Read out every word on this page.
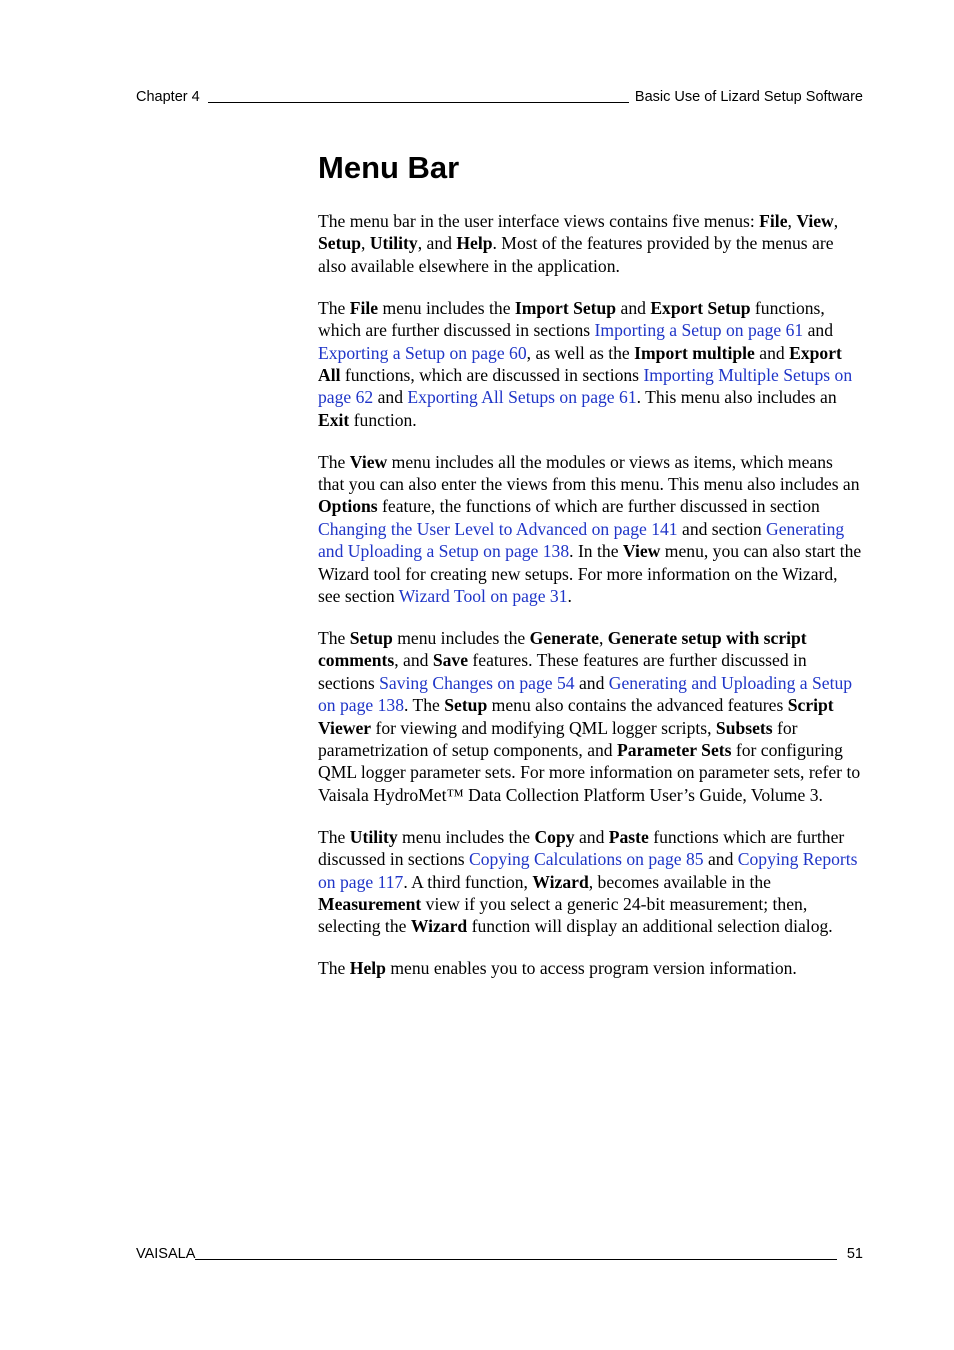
Chapter 4	Basic Use of Lizard Setup Software
Menu Bar

The menu bar in the user interface views contains five menus: File, View, Setup, Utility, and Help. Most of the features provided by the menus are also available elsewhere in the application.

The File menu includes the Import Setup and Export Setup functions, which are further discussed in sections Importing a Setup on page 61 and Exporting a Setup on page 60, as well as the Import multiple and Export All functions, which are discussed in sections Importing Multiple Setups on page 62 and Exporting All Setups on page 61. This menu also includes an Exit function.

The View menu includes all the modules or views as items, which means that you can also enter the views from this menu. This menu also includes an Options feature, the functions of which are further discussed in section Changing the User Level to Advanced on page 141 and section Generating and Uploading a Setup on page 138. In the View menu, you can also start the Wizard tool for creating new setups. For more information on the Wizard, see section Wizard Tool on page 31.

The Setup menu includes the Generate, Generate setup with script comments, and Save features. These features are further discussed in sections Saving Changes on page 54 and Generating and Uploading a Setup on page 138. The Setup menu also contains the advanced features Script Viewer for viewing and modifying QML logger scripts, Subsets for parametrization of setup components, and Parameter Sets for configuring QML logger parameter sets. For more information on parameter sets, refer to Vaisala HydroMet™ Data Collection Platform User’s Guide, Volume 3.

The Utility menu includes the Copy and Paste functions which are further discussed in sections Copying Calculations on page 85 and Copying Reports on page 117. A third function, Wizard, becomes available in the Measurement view if you select a generic 24-bit measurement; then, selecting the Wizard function will display an additional selection dialog.

The Help menu enables you to access program version information.

VAISALA	51
